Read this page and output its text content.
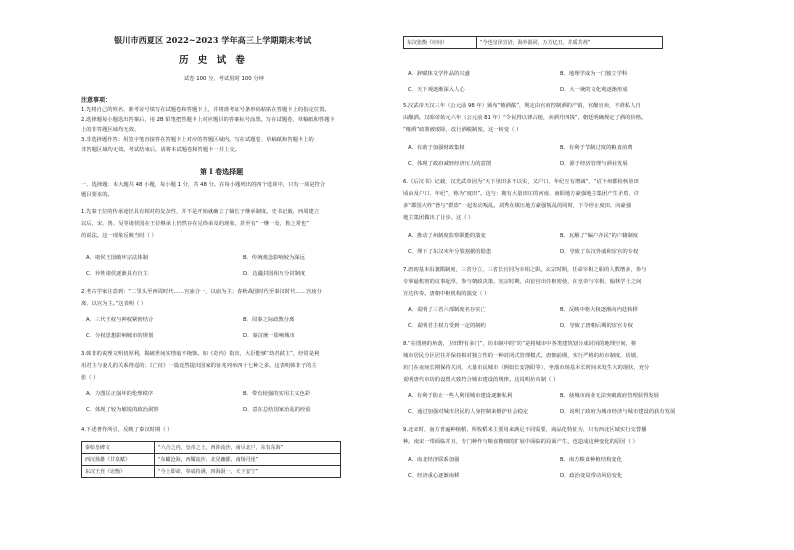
银川市西夏区 2022~2023 学年高三上学期期末考试
历 史 试 卷
试卷 100 分，考试用时 100 分钟
注意事项：
1.先将自己的姓名、准考证号填写在试题卷和答题卡上，并将准考证号条形码粘贴在答题卡上的指定位置。
2.选择题每小题选出答案后，用 2B 铅笔把答题卡上对应题目的答案标号涂黑。写在试题卷、草稿纸和答题卡
上的非答题区域均无效。
3.非选择题作答：用签字笔直接答在答题卡上对应的答题区域内。写在试题卷、草稿纸和答题卡上的
非答题区域均无效。考试结束后，请将本试题卷和答题卡一并上交。
第 I 卷选择题
一、选择题：本大题共 48 小题，每小题 1 分，共 48 分。在每小题列出的四个选项中，只有一项是符合
题目要求的。
1.先秦王位的传承途径具有相对的复杂性，并不是开始就确立了嫡长子继承制度。史书记载，西周建立
以后，宋、鲁、吴等诸侯国在王位继承上仍然存在兄终弟及的现象，甚至有“一继一及，鲁之常也”
的说法。这一现象反映当时（ ）
A．诸侯王国破坏宗法体制	B．传统观念影响较为深远
C．异姓诸侯逐渐具有自主	D．边疆封国相互分封制度
2.考古学家注意到：“二里头至西周时代……宫庙合一，以庙为主；春秋战国时代至秦汉时代……宫庙分
离，以宫为主。”这表明（ ）
A．三代王权与神权紧密结合	B．周秦之际政教分离
C．分权思想影响城市的规划	D．秦汉统一影响城市
3.韩非的说理文明切厚利，揭破世间实情毫不掩饰。如《奇内》指出，大臣能够“劫君弑主”，经常是利
用君主与妻儿的关系得逞的；《亡征》一篇竟然提出国家的征兆列举四十七种之多。这表明韩非子的主
张（ ）
A．力图匡正崩坏的伦理秩序	B．带有较强的实用主义色彩
C．体现了较为敏锐的政治洞察	D．意在总结国家治乱的经验
4.下述著作所引，反映了秦汉时期（ ）
秦始皇碑文	“六合之内，皇帝之土，西涉流沙，南尽北户，东有东海”
西汉扬雄《甘泉赋》	“东瞰沧海，西耀流沙，北见幽都，南炀丹崖”
东汉王充《论衡》	“今上即命，奉成持满，四海混一，天下安宁”
东汉张衡《应间》	“今也皇泽宣洽，海外混同，万方亿丑，并质共剂”
A．辞赋体文学作品的兴盛	B．地理学成为一门独立学科
C．天下观逐渐深入人心	D．大一统的文化观逐渐形成
5.汉武帝天汉三年（公元前 98 年）颁布“榷酒酤”，规定由官府控制酒的产销，官酿官卖，不准私人自
由酿酒。汉昭帝始元六年（公元前 81 年）“令民得以律占租，卖酒升四钱”，朝廷明确规定了酒的价格。
“榷酒”政策被废除，改行酒税制度。这一转变（ ）
A．有助于加强财政集权	B．有利于节制过度的粮食消费
C．体现了政府减轻经济压力的意图	D．源于经济管理与酒业发展
6.《后汉书》记载，汉光武帝因为“天下垦田多不以实，又户口、年纪互有增减”，“诏下州郡检核垦田
顷亩及户口、年纪”，称为“度田”。这与：拥有大量田庄的河南、南阳地方豪强地主集团产生矛盾，许
多“郡国大姓”皆与“群盗”一起发动叛乱。刘秀在镇压地方豪强叛乱的同时，下令停止度田，向豪强
地主集团做出了让步。这（ ）
A．推动了州制度监察职能的演变	B．瓦解了“编户齐民”的户籍制度
C．埋下了东汉末年分裂割据的隐患	D．导致了东汉外戚和宦官的专权
7.唐初基本沿袭隋制度，三省分立，三省长官同为宰相之职。玄宗时期，任命宰相之职的人数增多，参与
专掌最机密的议事起草，参与朝政决策。宪宗时期，由宦官出任枢密使，在皇帝与宰相、翰林学士之间
宣达传奏。唐朝中枢机构的演变（ ）
A．说明了三省六部制度名存实亡	B．反映中枢大权逐渐向内廷转移
C．说明君主权力受到一定的制约	D．导致了唐朝后期的宦官专权
8.“在图画的角落，卫田野有多门”，坊市制中的“坊”是将城市中各类建筑划分成封闭的地理空间，将
城市居民分区居住并保持相对独立性的一种封闭式管理模式。唐朝前期，实行严格的坊市制度，坊墙、
坊门在夜间长期保持关闭，大量市民城市（例如长安洛阳等），坐落市场基本长时间未发生大的现状，充分
说明唐代市坊的设置大致符合城市建设的规律。这说明坊市制（ ）
A．有利于防止一些人利用城市建设逐渐私利	B．使城市商业无法突破政府管理获得发展
C．通过加强对城市居民的人身控制来维护社会稳定	D．说明了政府为城市经济与城市建设的获有发展
9.北宋时，南方普遍种植稻，所收稻米主要用来满足不同需要，商品化特征为，只有西北区域实行交替播
种。南宋一带面临并且，专门种作与粮食精细的扩展中面临的局面产生，也造成这种变化的原因（ ）
A．南北经济联系加强	B．南方粮食种植结构变化
C．经济重心逐渐南移	D．政治变局带动风俗变化
